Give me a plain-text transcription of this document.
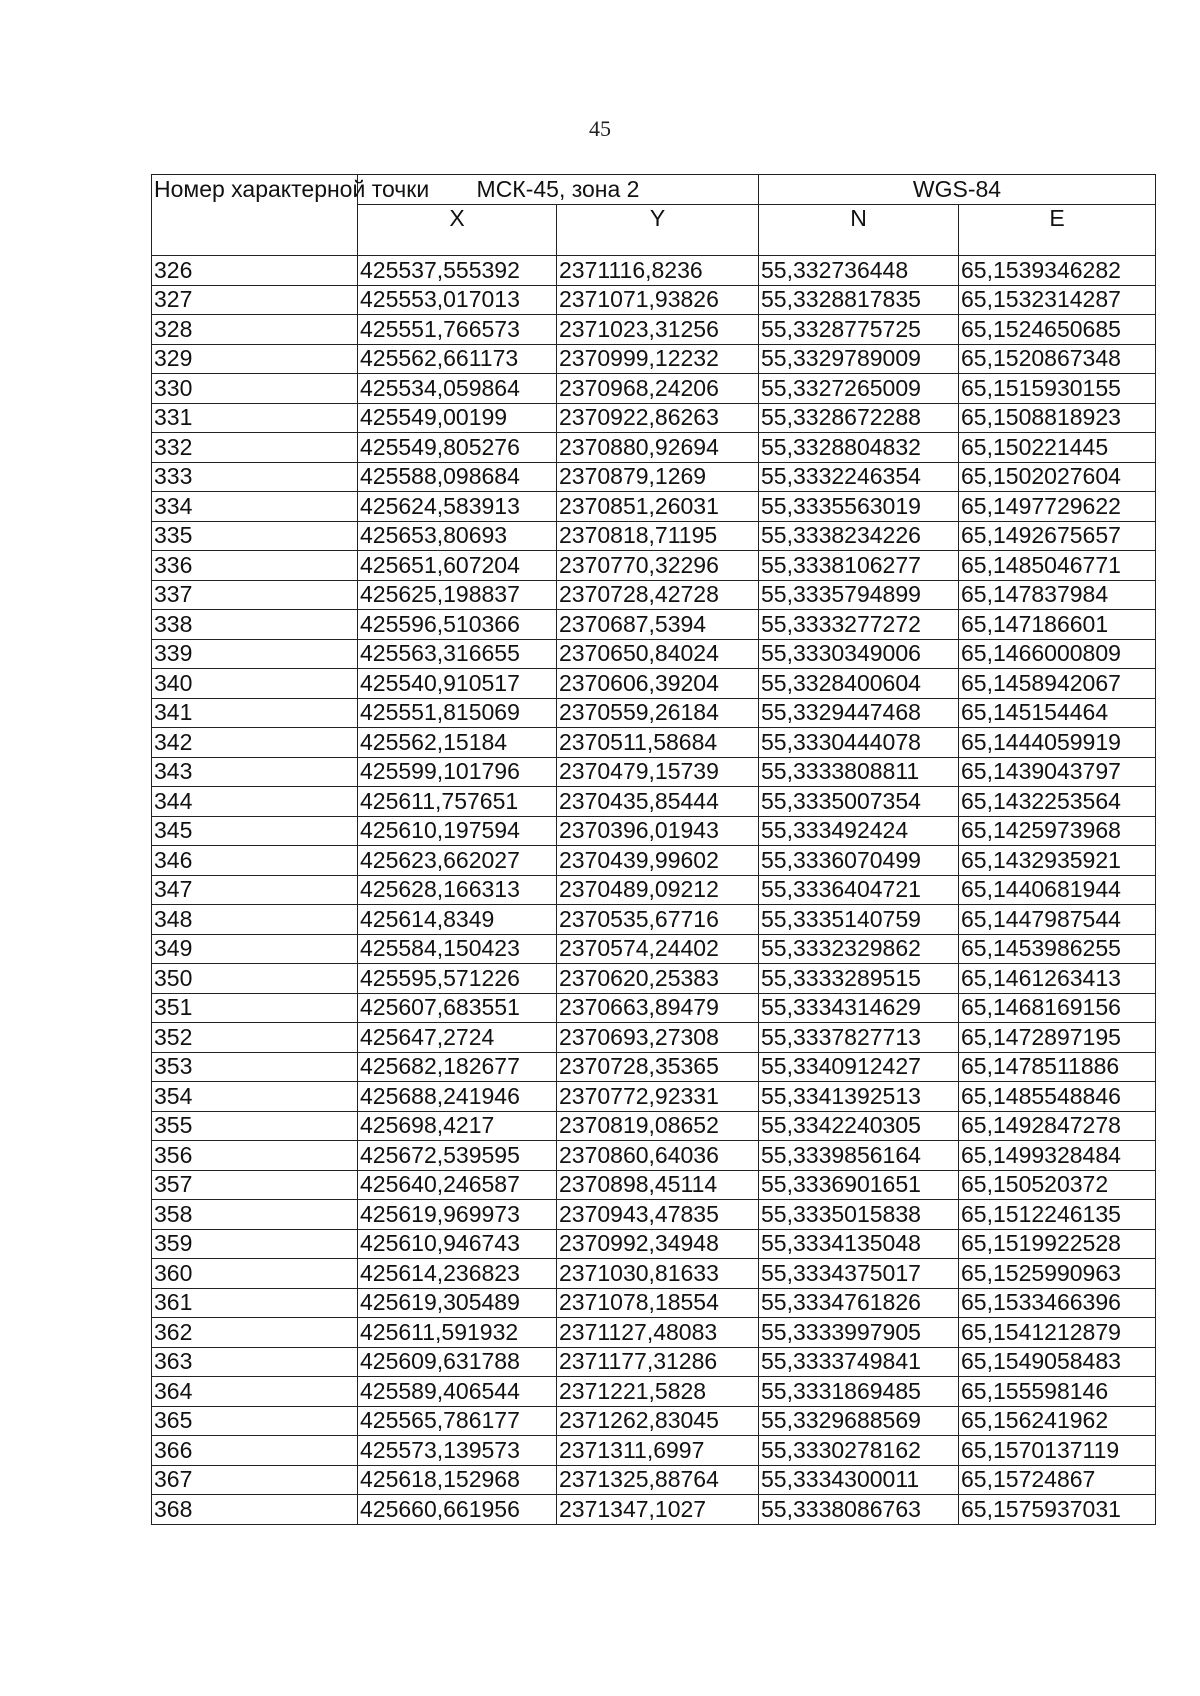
45
Номер характерной точки	МСК-45, зона 2		WGS-84	
	X	Y	N	E
326	425537,555392	2371116,8236	55,332736448	65,1539346282
327	425553,017013	2371071,93826	55,3328817835	65,1532314287
328	425551,766573	2371023,31256	55,3328775725	65,1524650685
329	425562,661173	2370999,12232	55,3329789009	65,1520867348
330	425534,059864	2370968,24206	55,3327265009	65,1515930155
331	425549,00199	2370922,86263	55,3328672288	65,1508818923
332	425549,805276	2370880,92694	55,3328804832	65,150221445
333	425588,098684	2370879,1269	55,3332246354	65,1502027604
334	425624,583913	2370851,26031	55,3335563019	65,1497729622
335	425653,80693	2370818,71195	55,3338234226	65,1492675657
336	425651,607204	2370770,32296	55,3338106277	65,1485046771
337	425625,198837	2370728,42728	55,3335794899	65,147837984
338	425596,510366	2370687,5394	55,3333277272	65,147186601
339	425563,316655	2370650,84024	55,3330349006	65,1466000809
340	425540,910517	2370606,39204	55,3328400604	65,1458942067
341	425551,815069	2370559,26184	55,3329447468	65,145154464
342	425562,15184	2370511,58684	55,3330444078	65,1444059919
343	425599,101796	2370479,15739	55,3333808811	65,1439043797
344	425611,757651	2370435,85444	55,3335007354	65,1432253564
345	425610,197594	2370396,01943	55,333492424	65,1425973968
346	425623,662027	2370439,99602	55,3336070499	65,1432935921
347	425628,166313	2370489,09212	55,3336404721	65,1440681944
348	425614,8349	2370535,67716	55,3335140759	65,1447987544
349	425584,150423	2370574,24402	55,3332329862	65,1453986255
350	425595,571226	2370620,25383	55,3333289515	65,1461263413
351	425607,683551	2370663,89479	55,3334314629	65,1468169156
352	425647,2724	2370693,27308	55,3337827713	65,1472897195
353	425682,182677	2370728,35365	55,3340912427	65,1478511886
354	425688,241946	2370772,92331	55,3341392513	65,1485548846
355	425698,4217	2370819,08652	55,3342240305	65,1492847278
356	425672,539595	2370860,64036	55,3339856164	65,1499328484
357	425640,246587	2370898,45114	55,3336901651	65,150520372
358	425619,969973	2370943,47835	55,3335015838	65,1512246135
359	425610,946743	2370992,34948	55,3334135048	65,1519922528
360	425614,236823	2371030,81633	55,3334375017	65,1525990963
361	425619,305489	2371078,18554	55,3334761826	65,1533466396
362	425611,591932	2371127,48083	55,3333997905	65,1541212879
363	425609,631788	2371177,31286	55,3333749841	65,1549058483
364	425589,406544	2371221,5828	55,3331869485	65,155598146
365	425565,786177	2371262,83045	55,3329688569	65,156241962
366	425573,139573	2371311,6997	55,3330278162	65,1570137119
367	425618,152968	2371325,88764	55,3334300011	65,15724867
368	425660,661956	2371347,1027	55,3338086763	65,1575937031
